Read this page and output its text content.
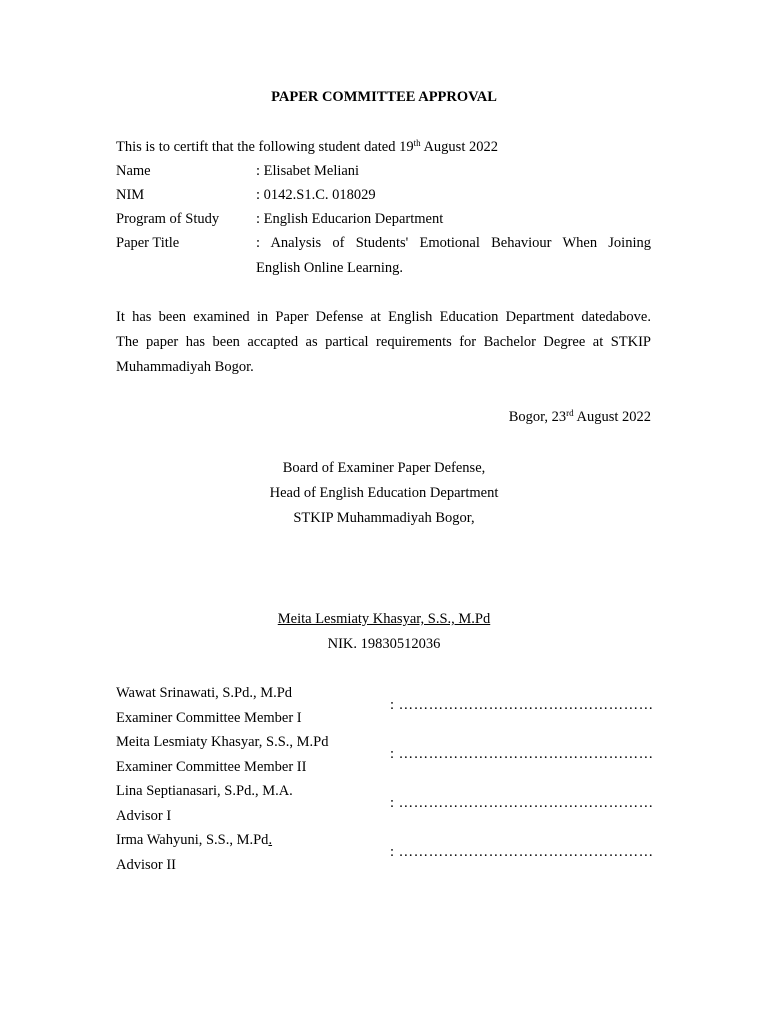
PAPER COMMITTEE APPROVAL
This is to certift that the following student dated 19th August 2022
Name	: Elisabet Meliani
NIM	: 0142.S1.C. 018029
Program of Study	: English Educarion Department
Paper Title	:  Analysis  of  Students'  Emotional  Behaviour  When  Joining
English Online Learning.
It has been examined in Paper Defense at English Education Department datedabove.
The paper has been accapted as partical requirements for Bachelor Degree at STKIP
Muhammadiyah Bogor.
Bogor, 23rd August 2022
Board of Examiner Paper Defense,
Head of English Education Department
STKIP Muhammadiyah Bogor,
Meita Lesmiaty Khasyar, S.S., M.Pd
NIK. 19830512036
Wawat Srinawati, S.Pd., M.Pd
Examiner Committee Member I
: ……………………………………………
Meita Lesmiaty Khasyar, S.S., M.Pd
Examiner Committee Member II
: ……………………………………………
Lina Septianasari, S.Pd., M.A.
Advisor I
: ……………………………………………
Irma Wahyuni, S.S., M.Pd.
Advisor II
: ……………………………………………
